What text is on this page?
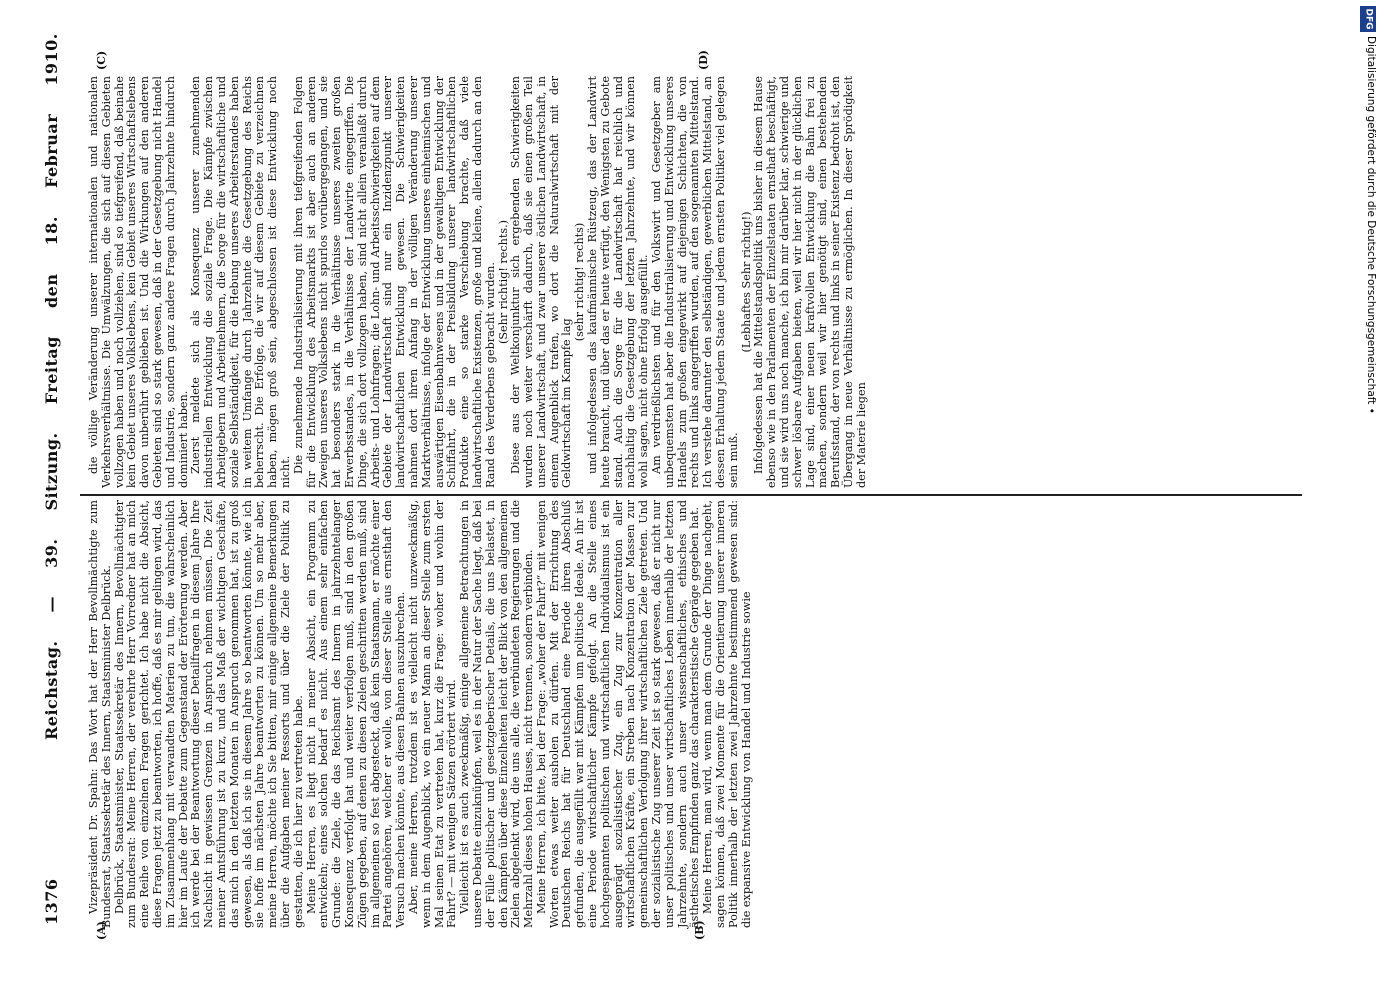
1376
Reichstag. — 39. Sitzung. Freitag den 18. Februar 1910.
(A)	(B)
(C)	(D)

Vizepräsident Dr. Spahn: Das Wort hat der Herr Bevollmächtigte zum Bundesrat, Staatssekretär des Innern, Staatsminister Delbrück. Delbrück, Staatsminister, Staatssekretär des Innern, Bevollmächtigter zum Bundesrat: Meine Herren, der verehrte Herr Vorredner hat an mich eine Reihe von einzelnen Fragen gerichtet. Ich habe nicht die Absicht, diese Fragen jetzt zu beantworten, ich hoffe, daß es mir gelingen wird, das im Zusammenhang mit verwandten Materien zu tun, die wahrscheinlich hier im Laufe der Debatte zum Gegenstand der Erörterung werden. Aber ich werde bei der Beantwortung dieser Detailfragen in diesem Jahre Ihre Nachsicht in gewissen Grenzen in Anspruch nehmen müssen. Die Zeit meiner Amtsführung ist zu kurz, und das Maß der wichtigen Geschäfte, das mich in den letzten Monaten in Anspruch genommen hat, ist zu groß gewesen, als daß ich sie in diesem Jahre so beantworten könnte, wie ich sie hoffe im nächsten Jahre beantworten zu können. Um so mehr aber, meine Herren, möchte ich Sie bitten, mir einige allgemeine Bemerkungen über die Aufgaben meiner Ressorts und über die Ziele der Politik zu gestatten, die ich hier zu vertreten habe. Meine Herren, es liegt nicht in meiner Absicht, ein Programm zu entwickeln; eines solchen bedarf es nicht. Aus einem sehr einfachen Grunde: die Ziele, die das Reichsamt des Innern in jahrzehntelanger Konsequenz verfolgt hat und weiter verfolgen muß, sind in den großen Zügen gegeben, auf denen zu diesen Zielen geschritten werden muß, sind im allgemeinen so fest abgesteckt, daß kein Staatsmann, er möchte einer Partei angehören, welcher er wolle, von dieser Stelle aus ernsthaft den Versuch machen könnte, aus diesen Bahnen auszubrechen. Aber, meine Herren, trotzdem ist es vielleicht nicht unzweckmäßig, wenn in dem Augenblick, wo ein neuer Mann an dieser Stelle zum ersten Mal seinen Etat zu vertreten hat, kurz die Frage: woher und wohin der Fahrt? — mit wenigen Sätzen erörtert wird. Vielleicht ist es auch zweckmäßig, einige allgemeine Betrachtungen in unsere Debatte einzuknüpfen, weil es in der Natur der Sache liegt, daß bei der Fülle politischer und gesetzgeberischer Details, die uns belastet, in den Kämpfen über diese Einzelheiten leicht der Blick von den allgemeinen Zielen abgelenkt wird, die uns alle, die verbündeten Regierungen und die Mehrzahl dieses hohen Hauses, nicht trennen, sondern verbinden. Meine Herren, ich bitte, bei der Frage: „woher der Fahrt?“ mit wenigen Worten etwas weiter ausholen zu dürfen. Mit der Errichtung des Deutschen Reichs hat für Deutschland eine Periode ihren Abschluß gefunden, die ausgefüllt war mit Kämpfen um politische Ideale. An ihr ist eine Periode wirtschaftlicher Kämpfe gefolgt. An die Stelle eines hochgespannten politischen und wirtschaftlichen Individualismus ist ein ausgeprägt sozialistischer Zug, ein Zug zur Konzentration aller wirtschaftlichen Kräfte, ein Streben nach Konzentration der Massen zur gemeinschaftlichen Verfolgung ihrer wirtschaftlichen Ziele getreten. Und der sozialistische Zug unserer Zeit ist so stark gewesen, daß er nicht nur unser politisches und unser wirtschaftliches Leben innerhalb der letzten Jahrzehnte, sondern auch unser wissenschaftliches, ethisches und ästhetisches Empfinden ganz das charakteristische Gepräge gegeben hat. Meine Herren, man wird, wenn man dem Grunde der Dinge nachgeht, sagen können, daß zwei Momente für die Orientierung unserer inneren Politik innerhalb der letzten zwei Jahrzehnte bestimmend gewesen sind: die expansive Entwicklung von Handel und Industrie sowie

die völlige Veränderung unserer internationalen und nationalen Verkehrsverhältnisse. Die Umwälzungen, die sich auf diesen Gebieten vollzogen haben und noch vollziehen, sind so tiefgreifend, daß beinahe kein Gebiet unseres Volkslebens, kein Gebiet unseres Wirtschaftslebens davon unberührt geblieben ist. Und die Wirkungen auf den anderen Gebieten sind so stark gewesen, daß in der Gesetzgebung nicht Handel und Industrie, sondern ganz andere Fragen durch Jahrzehnte hindurch dominiert haben. Zuerst meldete sich als Konsequenz unserer zunehmenden industriellen Entwicklung die soziale Frage. Die Kämpfe zwischen Arbeitgebern und Arbeitnehmern, die Sorge für die wirtschaftliche und soziale Selbständigkeit, für die Hebung unseres Arbeiterstandes haben in weitem Umfange durch Jahrzehnte die Gesetzgebung des Reichs beherrscht. Die Erfolge, die wir auf diesem Gebiete zu verzeichnen haben, mögen groß sein, abgeschlossen ist diese Entwicklung noch nicht. Die zunehmende Industrialisierung mit ihren tiefgreifenden Folgen für die Entwicklung des Arbeitsmarkts ist aber auch an anderen Zweigen unseres Volkslebens nicht spurlos vorübergegangen, und sie hat besonders stark in die Verhältnisse unseres zweiten großen Erwerbsstandes, in die Verhältnisse der Landwirte eingegriffen. Die Dinge, die sich dort vollzogen haben, sind nicht allein veranlaßt durch Arbeits- und Lohnfragen; die Lohn- und Arbeitsschwierigkeiten auf dem Gebiete der Landwirtschaft sind nur ein Inzidenzpunkt unserer landwirtschaftlichen Entwicklung gewesen. Die Schwierigkeiten nahmen dort ihren Anfang in der völligen Veränderung unserer Marktverhältnisse, infolge der Entwicklung unseres einheimischen und auswärtigen Eisenbahnwesens und in der gewaltigen Entwicklung der Schiffahrt, die in der Preisbildung unserer landwirtschaftlichen Produkte eine so starke Verschiebung brachte, daß viele landwirtschaftliche Existenzen, große und kleine, allein dadurch an den Rand des Verderbens gebracht wurden. (Sehr richtig! rechts.) Diese aus der Weltkonjunktur sich ergebenden Schwierigkeiten wurden noch weiter verschärft dadurch, daß sie einen großen Teil unserer Landwirtschaft, und zwar unserer östlichen Landwirtschaft, in einem Augenblick trafen, wo dort die Naturalwirtschaft mit der Geldwirtschaft im Kampfe lag

(sehr richtig! rechts) und infolgedessen das kaufmännische Rüstzeug, das der Landwirt heute braucht, und über das er heute verfügt, den Wenigsten zu Gebote stand. Auch die Sorge für die Landwirtschaft hat reichlich und nachhaltig die Gesetzgebung der letzten Jahrzehnte, und wir können wohl sagen, nicht ohne Erfolg ausgefüllt. Am verdrießlichsten und für den Volkswirt und Gesetzgeber am unbequemsten hat aber die Industrialisierung und Entwicklung unseres Handels zum großen eingewirkt auf diejenigen Schichten, die von rechts und links angegriffen wurden, auf den sogenannten Mittelstand. Ich verstehe darunter den selbständigen, gewerblichen Mittelstand, an dessen Erhaltung jedem Staate und jedem ernsten Politiker viel gelegen sein muß.

(Lebhaftes Sehr richtig!) Infolgedessen hat die Mittelstandspolitik uns bisher in diesem Hause ebenso wie in den Parlamenten der Einzelstaaten ernsthaft beschäftigt, und sie wird uns noch manche, ich bin mir darüber klar, schwierige und schwer lösbare Aufgaben bieten, weil wir hier nicht in der glücklichen Lage sind, einer neuen kraftvollen Entwicklung die Bahn frei zu machen, sondern weil wir hier genötigt sind, einen bestehenden Berufsstand, der von rechts und links in seiner Existenz bedroht ist, den Übergang in neue Verhältnisse zu ermöglichen. In dieser Sprödigkeit der Materie liegen

DFG
Digitalisierung gefördert durch die Deutsche Forschungsgemeinschaft •
